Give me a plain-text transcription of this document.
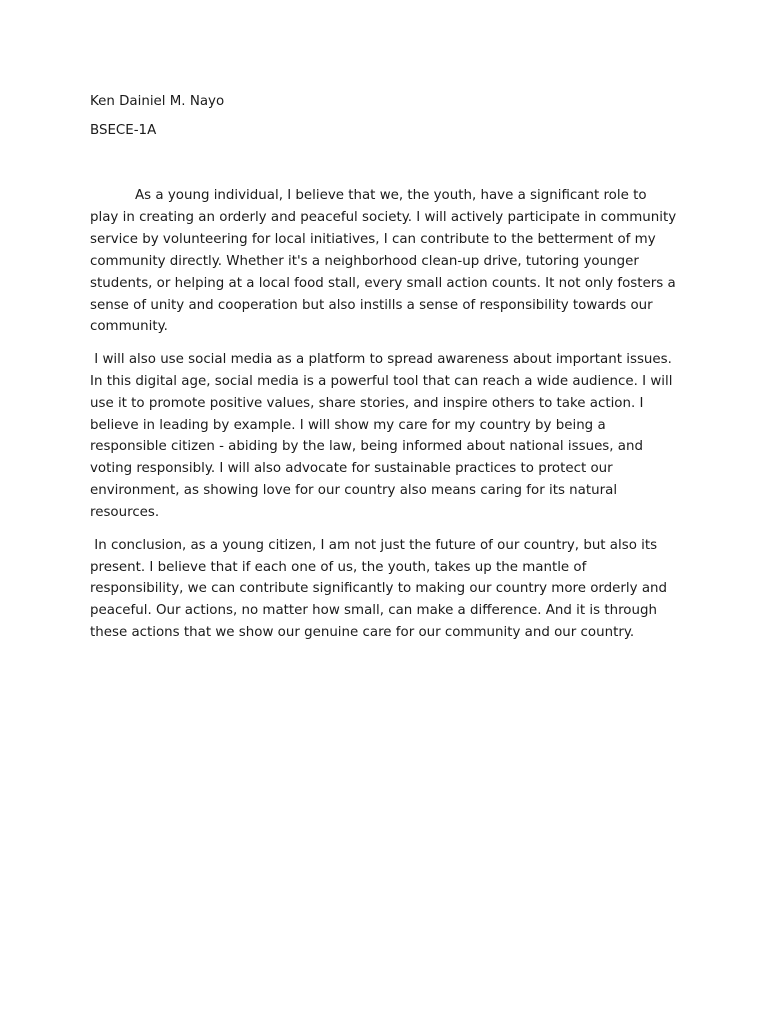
Ken Dainiel M. Nayo
BSECE-1A

As a young individual, I believe that we, the youth, have a significant role to play in creating an orderly and peaceful society. I will actively participate in community service by volunteering for local initiatives, I can contribute to the betterment of my community directly. Whether it's a neighborhood clean-up drive, tutoring younger students, or helping at a local food stall, every small action counts. It not only fosters a sense of unity and cooperation but also instills a sense of responsibility towards our community.

I will also use social media as a platform to spread awareness about important issues. In this digital age, social media is a powerful tool that can reach a wide audience. I will use it to promote positive values, share stories, and inspire others to take action. I believe in leading by example. I will show my care for my country by being a responsible citizen - abiding by the law, being informed about national issues, and voting responsibly. I will also advocate for sustainable practices to protect our environment, as showing love for our country also means caring for its natural resources.

In conclusion, as a young citizen, I am not just the future of our country, but also its present. I believe that if each one of us, the youth, takes up the mantle of responsibility, we can contribute significantly to making our country more orderly and peaceful. Our actions, no matter how small, can make a difference. And it is through these actions that we show our genuine care for our community and our country.
